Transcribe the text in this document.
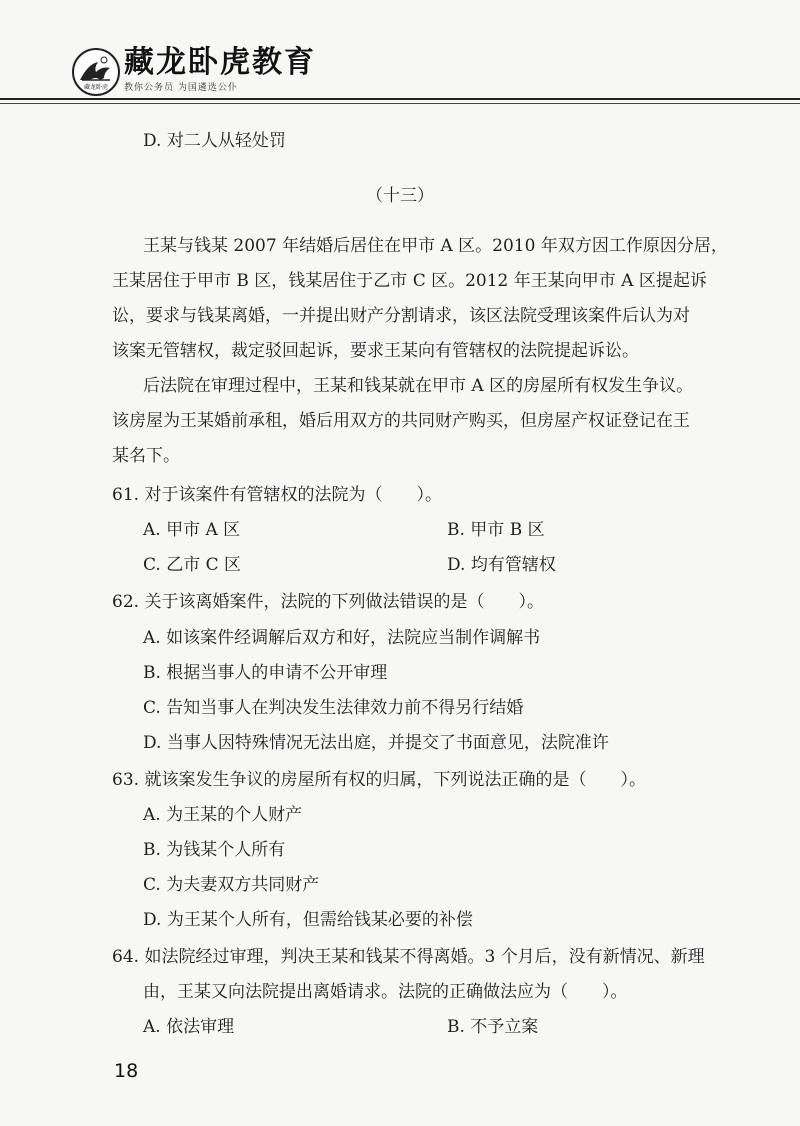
藏龙卧虎
藏龙卧虎教育
教你公务员 为国遴选公仆
D. 对二人从轻处罚
（十三）
王某与钱某 2007 年结婚后居住在甲市 A 区。2010 年双方因工作原因分居，
王某居住于甲市 B 区，钱某居住于乙市 C 区。2012 年王某向甲市 A 区提起诉
讼，要求与钱某离婚，一并提出财产分割请求，该区法院受理该案件后认为对
该案无管辖权，裁定驳回起诉，要求王某向有管辖权的法院提起诉讼。
后法院在审理过程中，王某和钱某就在甲市 A 区的房屋所有权发生争议。
该房屋为王某婚前承租，婚后用双方的共同财产购买，但房屋产权证登记在王
某名下。
61. 对于该案件有管辖权的法院为（　　）。
A. 甲市 A 区	B. 甲市 B 区
C. 乙市 C 区	D. 均有管辖权
62. 关于该离婚案件，法院的下列做法错误的是（　　）。
A. 如该案件经调解后双方和好，法院应当制作调解书
B. 根据当事人的申请不公开审理
C. 告知当事人在判决发生法律效力前不得另行结婚
D. 当事人因特殊情况无法出庭，并提交了书面意见，法院准许
63. 就该案发生争议的房屋所有权的归属，下列说法正确的是（　　）。
A. 为王某的个人财产
B. 为钱某个人所有
C. 为夫妻双方共同财产
D. 为王某个人所有，但需给钱某必要的补偿
64. 如法院经过审理，判决王某和钱某不得离婚。3 个月后，没有新情况、新理
由，王某又向法院提出离婚请求。法院的正确做法应为（　　）。
A. 依法审理	B. 不予立案
18
